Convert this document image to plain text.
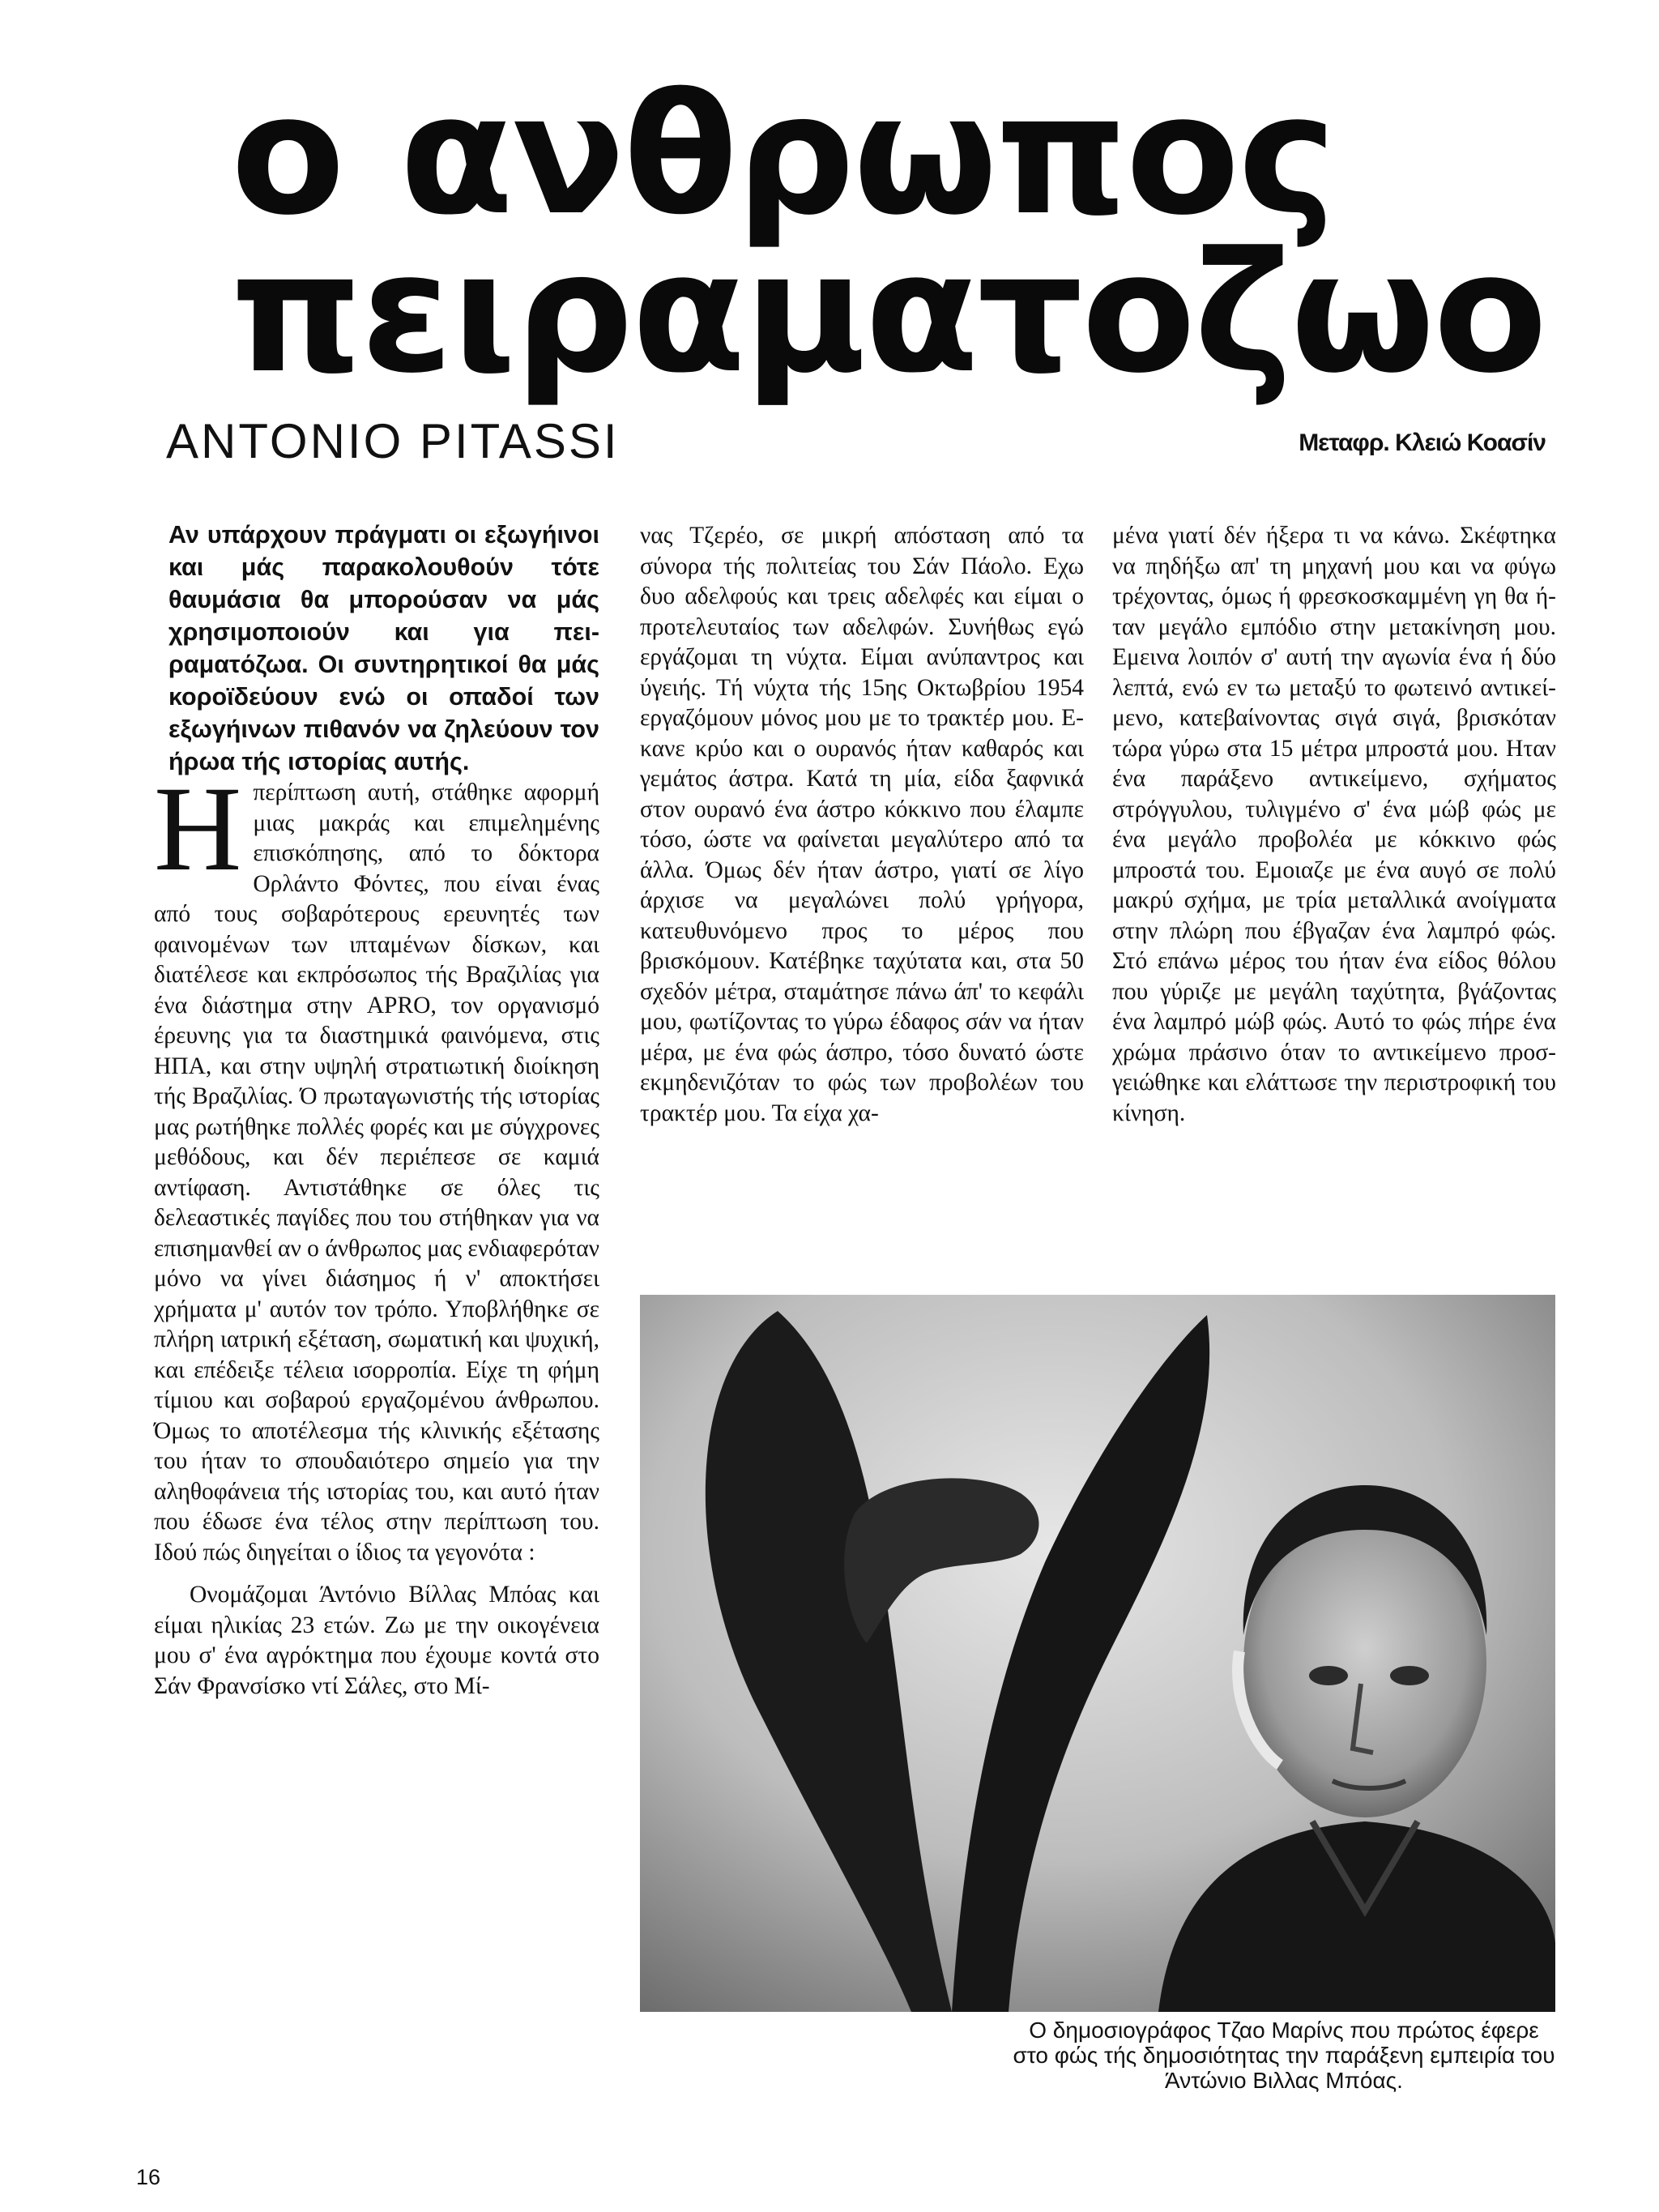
ο ανθρωπος
πειραματοζωο
ANTONIO PITASSI	Μεταφρ. Κλειώ Κοασίν

Αν υπάρχουν πράγματι οι εξωγήινοι και μάς παρακολουθούν τότε θαυμάσια θα μπορούσαν να μάς χρησιμοποιούν και για πειραματόζωα. Οι συντηρητικοί θα μάς κοροϊδεύουν ενώ οι οπαδοί των εξωγήινων πιθανόν να ζηλεύουν τον ήρωα τής ιστορίας αυτής.

Ηπερίπτωση αυτή, στάθηκε αφορμή μιας μακράς και επιμελημένης επισκόπησης, από το δόκτορα Ορλάντο Φόντες, που είναι ένας από τους σοβαρότερους ερευνητές των φαινομένων των ιπταμένων δίσκων, και διατέλεσε και εκπρόσωπος τής Βραζιλίας για ένα διάστημα στην APRO, τον οργανισμό έρευνης για τα διαστημικά φαινόμενα, στις ΗΠΑ, και στην υψηλή στρατιωτική διοίκηση τής Βραζιλίας. Ό πρωταγωνιστής τής ιστορίας μας ρωτήθηκε πολλές φορές και με σύγχρονες μεθόδους, και δέν περιέπεσε σε καμιά αντίφαση. Αντιστάθηκε σε όλες τις δελεαστικές παγίδες που του στήθηκαν για να επισημανθεί αν ο άνθρωπος μας ενδιαφερόταν μόνο να γίνει διάσημος ή ν' αποκτήσει χρήματα μ' αυτόν τον τρόπο. Υποβλήθηκε σε πλήρη ιατρική εξέταση, σωματική και ψυχική, και επέδειξε τέλεια ισορροπία. Είχε τη φήμη τίμιου και σοβαρού εργαζομένου άνθρωπου. Όμως το αποτέλεσμα τής κλινικής εξέτασης του ήταν το σπουδαιότερο σημείο για την αληθοφάνεια τής ιστορίας του, και αυτό ήταν που έδωσε ένα τέλος στην περίπτωση του. Ιδού πώς διηγείται ο ίδιος τα γεγονότα :

Ονομάζομαι Άντόνιο Βίλλας Μπόας και είμαι ηλικίας 23 ετών. Ζω με την οικογένεια μου σ' ένα αγρόκτημα που έχουμε κοντά στο Σάν Φρανσίσκο ντί Σάλες, στο Μί-

νας Τζερέο, σε μικρή απόσταση από τα σύνορα τής πολιτείας του Σάν Πάολο. Εχω δυο αδελφούς και τρεις αδελφές και είμαι ο προτελευταίος των αδελφών. Συνήθως εγώ εργάζομαι τη νύχτα. Είμαι ανύπαντρος και ύγειής. Τή νύχτα τής 15ης Οκτωβρίου 1954 εργαζόμουν μόνος μου με το τρακτέρ μου. Εκανε κρύο και ο ουρανός ήταν καθαρός και γεμάτος άστρα. Κατά τη μία, είδα ξαφνικά στον ουρανό ένα άστρο κόκκινο που έλαμπε τόσο, ώστε να φαίνεται μεγαλύτερο από τα άλλα. Όμως δέν ήταν άστρο, γιατί σε λίγο άρχισε να μεγαλώνει πολύ γρήγορα, κατευθυνόμενο προς το μέρος που βρισκόμουν. Κατέβηκε ταχύτατα και, στα 50 σχεδόν μέτρα, σταμάτησε πάνω άπ' το κεφάλι μου, φωτίζοντας το γύρω έδαφος σάν να ήταν μέρα, με ένα φώς άσπρο, τόσο δυνατό ώστε εκμηδενιζόταν το φώς των προβολέων του τρακτέρ μου. Τα είχα χα-

μένα γιατί δέν ήξερα τι να κάνω. Σκέφτηκα να πηδήξω απ' τη μηχανή μου και να φύγω τρέχοντας, όμως ή φρεσκοσκαμμένη γη θα ήταν μεγάλο εμπόδιο στην μετακίνηση μου. Εμεινα λοιπόν σ' αυτή την αγωνία ένα ή δύο λεπτά, ενώ εν τω μεταξύ το φωτεινό αντικείμενο, κατεβαίνοντας σιγά σιγά, βρισκόταν τώρα γύρω στα 15 μέτρα μπροστά μου. Ηταν ένα παράξενο αντικείμενο, σχήματος στρόγγυλου, τυλιγμένο σ' ένα μώβ φώς με ένα μεγάλο προβολέα με κόκκινο φώς μπροστά του. Εμοιαζε με ένα αυγό σε πολύ μακρύ σχήμα, με τρία μεταλλικά ανοίγματα στην πλώρη που έβγαζαν ένα λαμπρό φώς. Στό επάνω μέρος του ήταν ένα είδος θόλου που γύριζε με μεγάλη ταχύτητα, βγάζοντας ένα λαμπρό μώβ φώς. Αυτό το φώς πήρε ένα χρώμα πράσινο όταν το αντικείμενο προσγειώθηκε και ελάττωσε την περιστροφική του κίνηση.

Ο δημοσιογράφος Τζαο Μαρίνς που πρώτος έφερε στο φώς τής δημοσιότητας την παράξενη εμπειρία του Άντώνιο Βιλλας Μπόας.
16
